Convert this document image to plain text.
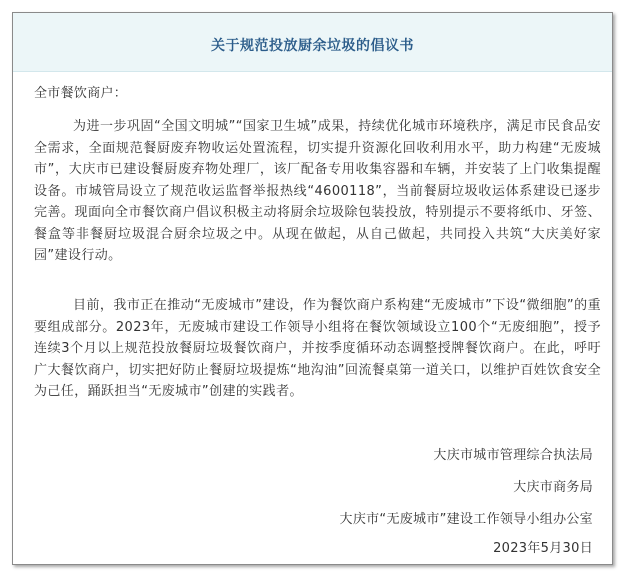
关于规范投放厨余垃圾的倡议书
全市餐饮商户：

为进一步巩固“全国文明城”“国家卫生城”成果，持续优化城市环境秩序，满足市民食品安全需求，全面规范餐厨废弃物收运处置流程，切实提升资源化回收利用水平，助力构建“无废城市”，大庆市已建设餐厨废弃物处理厂，该厂配备专用收集容器和车辆，并安装了上门收集提醒设备。市城管局设立了规范收运监督举报热线“4600118”，当前餐厨垃圾收运体系建设已逐步完善。现面向全市餐饮商户倡议积极主动将厨余垃圾除包装投放，特别提示不要将纸巾、牙签、餐盒等非餐厨垃圾混合厨余垃圾之中。从现在做起，从自己做起，共同投入共筑“大庆美好家园”建设行动。

目前，我市正在推动“无废城市”建设，作为餐饮商户系构建“无废城市”下设“微细胞”的重要组成部分。2023年，无废城市建设工作领导小组将在餐饮领域设立100个“无废细胞”，授予连续3个月以上规范投放餐厨垃圾餐饮商户，并按季度循环动态调整授牌餐饮商户。在此，呼吁广大餐饮商户，切实把好防止餐厨垃圾提炼“地沟油”回流餐桌第一道关口，以维护百姓饮食安全为己任，踊跃担当“无废城市”创建的实践者。

大庆市城市管理综合执法局
大庆市商务局
大庆市“无废城市”建设工作领导小组办公室
2023年5月30日
